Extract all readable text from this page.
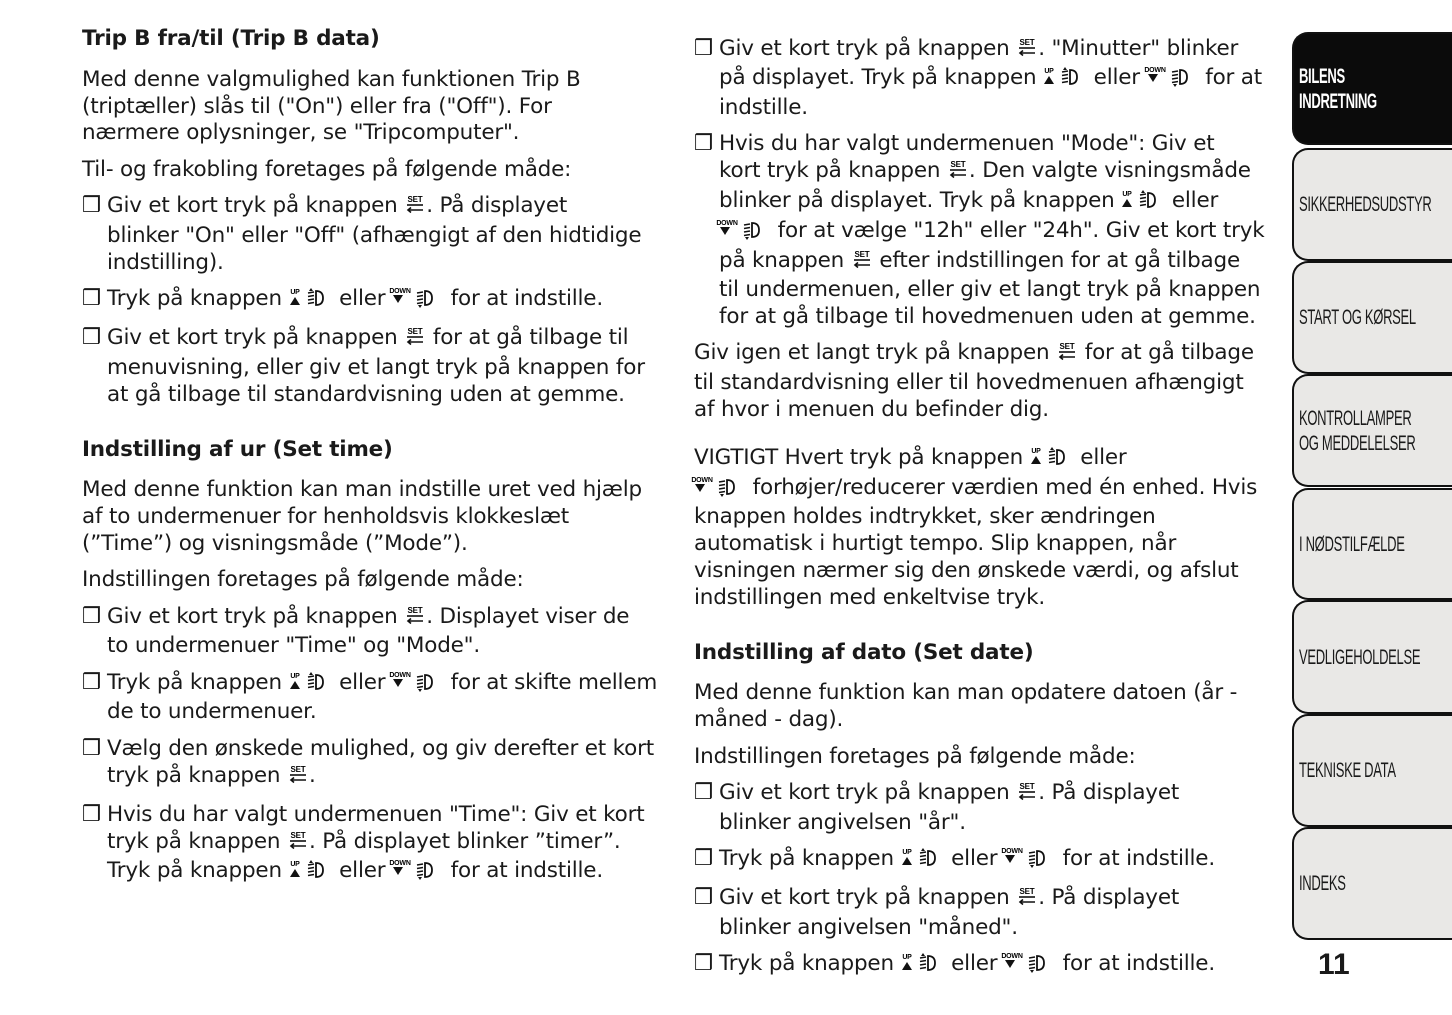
Trip B fra/til (Trip B data)
Med denne valgmulighed kan funktionen Trip B
(triptæller) slås til ("On") eller fra ("Off"). For
nærmere oplysninger, se "Tripcomputer".
Til- og frakobling foretages på følgende måde:
❒ Giv et kort tryk på knappen SET . På displayet
blinker "On" eller "Off" (afhængigt af den hidtidige
indstilling).
❒ Tryk på knappen UP eller
DOWN for at indstille.
❒ Giv et kort tryk på knappen SET for at gå tilbage til
menuvisning, eller giv et langt tryk på knappen for
at gå tilbage til standardvisning uden at gemme.
Indstilling af ur (Set time)
Med denne funktion kan man indstille uret ved hjælp
af to undermenuer for henholdsvis klokkeslæt
(”Time”) og visningsmåde (”Mode”).
Indstillingen foretages på følgende måde:
❒ Giv et kort tryk på knappen SET . Displayet viser de
to undermenuer "Time" og "Mode".
❒ Tryk på knappen UP eller
DOWN for at skifte mellem
de to undermenuer.
❒ Vælg den ønskede mulighed, og giv derefter et kort
tryk på knappen SET .
❒ Hvis du har valgt undermenuen "Time": Giv et kort
tryk på knappen SET . På displayet blinker ”timer”.
Tryk på knappen UP eller
DOWN for at indstille.
❒ Giv et kort tryk på knappen SET . "Minutter" blinker
på displayet. Tryk på knappen UP eller
DOWN for at
indstille.
❒ Hvis du har valgt undermenuen "Mode": Giv et
kort tryk på knappen SET . Den valgte visningsmåde
blinker på displayet. Tryk på knappen UP eller

DOWN for at vælge "12h" eller "24h". Giv et kort tryk
på knappen SET efter indstillingen for at gå tilbage
til undermenuen, eller giv et langt tryk på knappen
for at gå tilbage til hovedmenuen uden at gemme.
Giv igen et langt tryk på knappen SET for at gå tilbage
til standardvisning eller til hovedmenuen afhængigt
af hvor i menuen du befinder dig.
VIGTIGT Hvert tryk på knappen UP eller

DOWN forhøjer/reducerer værdien med én enhed. Hvis
knappen holdes indtrykket, sker ændringen
automatisk i hurtigt tempo. Slip knappen, når
visningen nærmer sig den ønskede værdi, og afslut
indstillingen med enkeltvise tryk.
Indstilling af dato (Set date)
Med denne funktion kan man opdatere datoen (år -
måned - dag).
Indstillingen foretages på følgende måde:
❒ Giv et kort tryk på knappen SET . På displayet
blinker angivelsen "år".
❒ Tryk på knappen UP eller
DOWN for at indstille.
❒ Giv et kort tryk på knappen SET . På displayet
blinker angivelsen "måned".
❒ Tryk på knappen UP eller
DOWN for at indstille.
BILENS
INDRETNING
SIKKERHEDSUDSTYR
START OG KØRSEL
KONTROLLAMPER
OG MEDDELELSER
I NØDSTILFÆLDE
VEDLIGEHOLDELSE
TEKNISKE DATA
INDEKS
11
